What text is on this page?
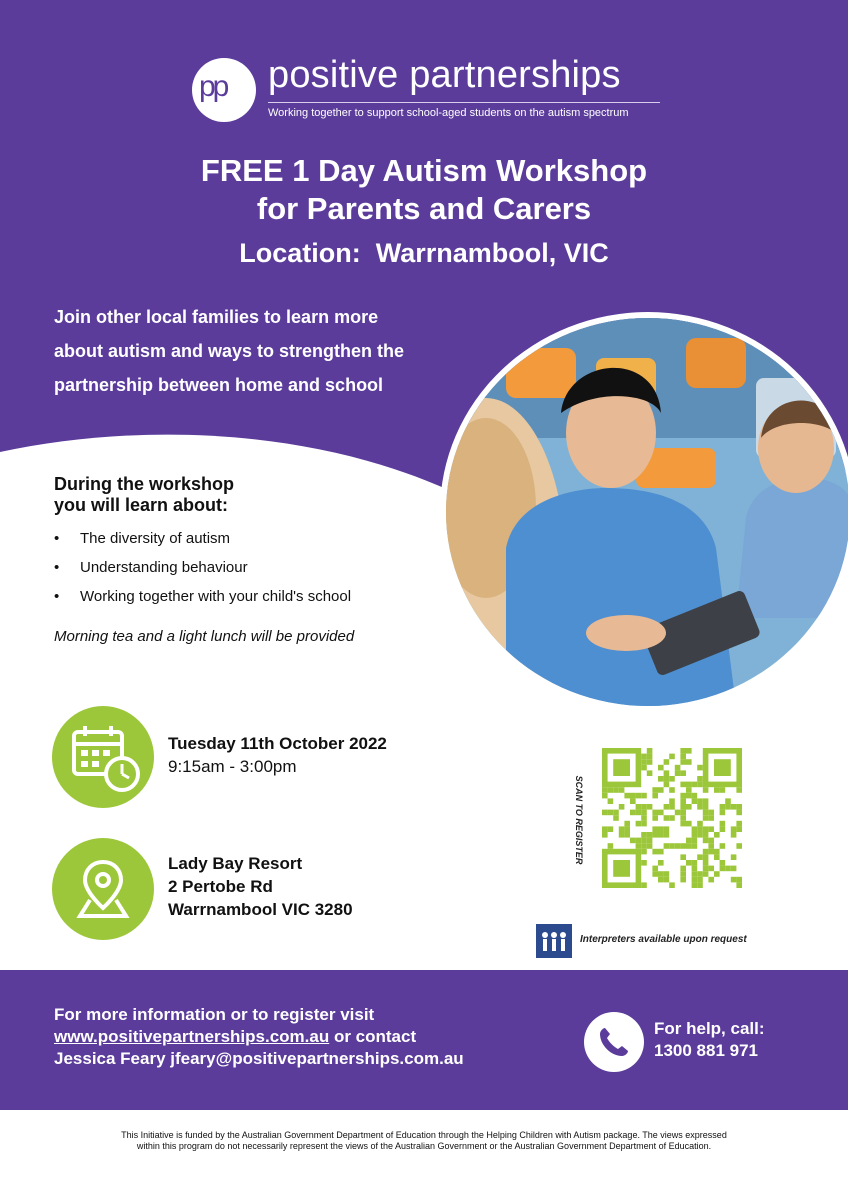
pp positive partnerships
Working together to support school-aged students on the autism spectrum
FREE 1 Day Autism Workshop
for Parents and Carers
Location:  Warrnambool, VIC
Join other local families to learn more
about autism and ways to strengthen the
partnership between home and school
During the workshop
you will learn about:
• The diversity of autism
• Understanding behaviour
• Working together with your child's school
Morning tea and a light lunch will be provided
Tuesday 11th October 2022
9:15am - 3:00pm
Lady Bay Resort
2 Pertobe Rd
Warrnambool VIC 3280
SCAN TO REGISTER
Interpreters available upon request
For more information or to register visit
www.positivepartnerships.com.au or contact
Jessica Feary jfeary@positivepartnerships.com.au
For help, call:
1300 881 971
This Initiative is funded by the Australian Government Department of Education through the Helping Children with Autism package. The views expressed
within this program do not necessarily represent the views of the Australian Government or the Australian Government Department of Education.
